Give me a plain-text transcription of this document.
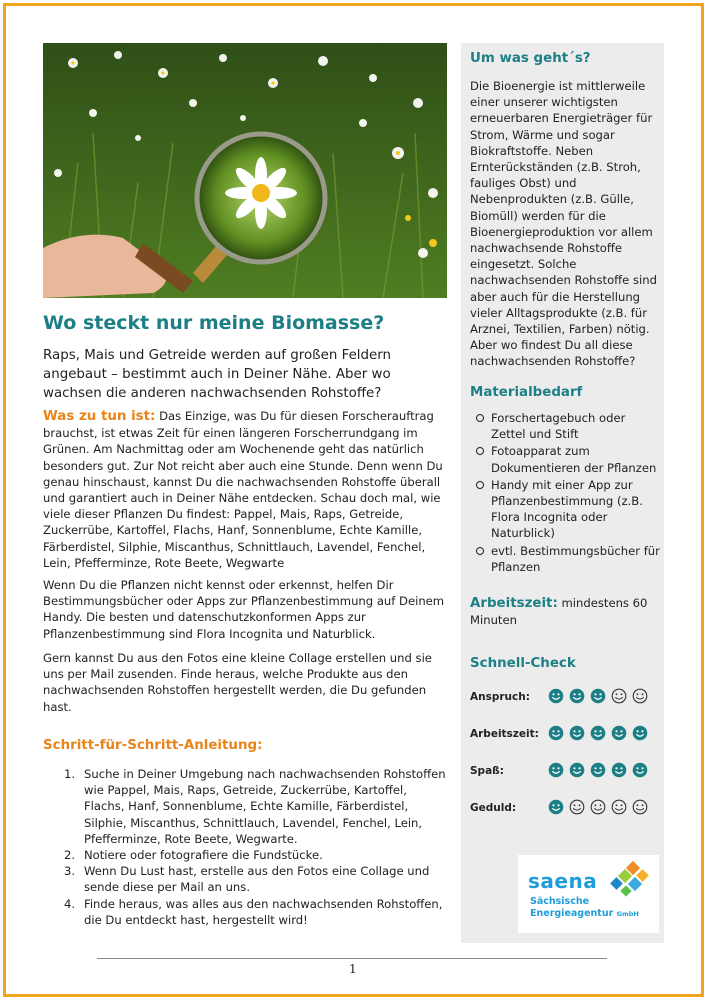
Wo steckt nur meine Biomasse?
Raps, Mais und Getreide werden auf großen Feldern angebaut – bestimmt auch in Deiner Nähe. Aber wo wachsen die anderen nachwachsenden Rohstoffe?
Was zu tun ist: Das Einzige, was Du für diesen Forscherauftrag brauchst, ist etwas Zeit für einen längeren Forscherrundgang im Grünen. Am Nachmittag oder am Wochenende geht das natürlich besonders gut. Zur Not reicht aber auch eine Stunde. Denn wenn Du genau hinschaust, kannst Du die nachwachsenden Rohstoffe überall und garantiert auch in Deiner Nähe entdecken. Schau doch mal, wie viele dieser Pflanzen Du findest: Pappel, Mais, Raps, Getreide, Zuckerrübe, Kartoffel, Flachs, Hanf, Sonnenblume, Echte Kamille, Färberdistel, Silphie, Miscanthus, Schnittlauch, Lavendel, Fenchel, Lein, Pfefferminze, Rote Beete, Wegwarte
Wenn Du die Pflanzen nicht kennst oder erkennst, helfen Dir Bestimmungsbücher oder Apps zur Pflanzenbestimmung auf Deinem Handy. Die besten und datenschutzkonformen Apps zur Pflanzenbestimmung sind Flora Incognita und Naturblick.
Gern kannst Du aus den Fotos eine kleine Collage erstellen und sie uns per Mail zusenden. Finde heraus, welche Produkte aus den nachwachsenden Rohstoffen hergestellt werden, die Du gefunden hast.
Schritt-für-Schritt-Anleitung:
1. Suche in Deiner Umgebung nach nachwachsenden Rohstoffen wie Pappel, Mais, Raps, Getreide, Zuckerrübe, Kartoffel, Flachs, Hanf, Sonnenblume, Echte Kamille, Färberdistel, Silphie, Miscanthus, Schnittlauch, Lavendel, Fenchel, Lein, Pfefferminze, Rote Beete, Wegwarte.
2. Notiere oder fotografiere die Fundstücke.
3. Wenn Du Lust hast, erstelle aus den Fotos eine Collage und sende diese per Mail an uns.
4. Finde heraus, was alles aus den nachwachsenden Rohstoffen, die Du entdeckt hast, hergestellt wird!
Um was geht´s?
Die Bioenergie ist mittlerweile einer unserer wichtigsten erneuerbaren Energieträger für Strom, Wärme und sogar Biokraftstoffe. Neben Ernterückständen (z.B. Stroh, fauliges Obst) und Nebenprodukten (z.B. Gülle, Biomüll) werden für die Bioenergieproduktion vor allem nachwachsende Rohstoffe eingesetzt. Solche nachwachsenden Rohstoffe sind aber auch für die Herstellung vieler Alltagsprodukte (z.B. für Arznei, Textilien, Farben) nötig. Aber wo findest Du all diese nachwachsenden Rohstoffe?
Materialbedarf
Forschertagebuch oder Zettel und Stift
Fotoapparat zum Dokumentieren der Pflanzen
Handy mit einer App zur Pflanzenbestimmung (z.B. Flora Incognita oder Naturblick)
evtl. Bestimmungsbücher für Pflanzen
Arbeitszeit: mindestens 60 Minuten
Schnell-Check
Anspruch:
Arbeitszeit:
Spaß:
Geduld:
saena
Sächsische
Energieagentur GmbH
1
